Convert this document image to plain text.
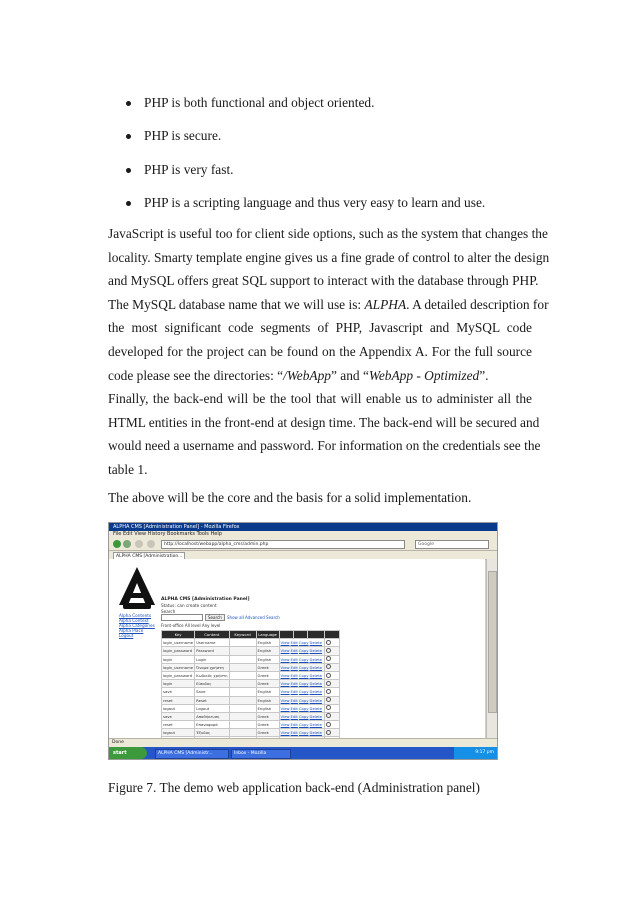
PHP is both functional and object oriented.
PHP is secure.
PHP is very fast.
PHP is a scripting language and thus very easy to learn and use.
JavaScript is useful too for client side options, such as the system that changes the
locality. Smarty template engine gives us a fine grade of control to alter the design
and MySQL offers great SQL support to interact with the database through PHP.
The MySQL database name that we will use is: ALPHA. A detailed description for
the most significant code segments of PHP, Javascript and MySQL code
developed for the project can be found on the Appendix A. For the full source
code please see the directories: “/WebApp” and “WebApp - Optimized”.
Finally, the back-end will be the tool that will enable us to administer all the
HTML entities in the front-end at design time. The back-end will be secured and
would need a username and password. For information on the credentials see the
table 1.
The above will be the core and the basis for a solid implementation.
ALPHA CMS [Administration Panel] - Mozilla Firefox
File Edit View History Bookmarks Tools Help
http://localhost/webapp/alpha_cms/admin.php	Google
ALPHA CMS [Administration...
Alpha Contents
Alpha Context
Alpha Categories
Alpha Place
Logout
ALPHA CMS [Administration Panel]
Status: can create content
Search
Search	Show all Advanced Search
Front-office All level Any level
Key	Content	Keyword	Language				
login_username	Username		English	ViewEditCopyDelete			
login_password	Password		English	ViewEditCopyDelete			
login	Login		English	ViewEditCopyDelete			
login_username	Όνομα χρήστη		Greek	ViewEditCopyDelete			
login_password	Κωδικός χρήστη		Greek	ViewEditCopyDelete			
login	Είσοδος		Greek	ViewEditCopyDelete			
save	Save		English	ViewEditCopyDelete			
reset	Reset		English	ViewEditCopyDelete			
logout	Logout		English	ViewEditCopyDelete			
save	Αποθήκευση		Greek	ViewEditCopyDelete			
reset	Επαναφορά		Greek	ViewEditCopyDelete			
logout	Έξοδος		Greek	ViewEditCopyDelete			

Done
start	ALPHA CMS [Administr...	Inbox - Mozilla	9:17 pm
Figure 7. The demo web application back-end (Administration panel)
